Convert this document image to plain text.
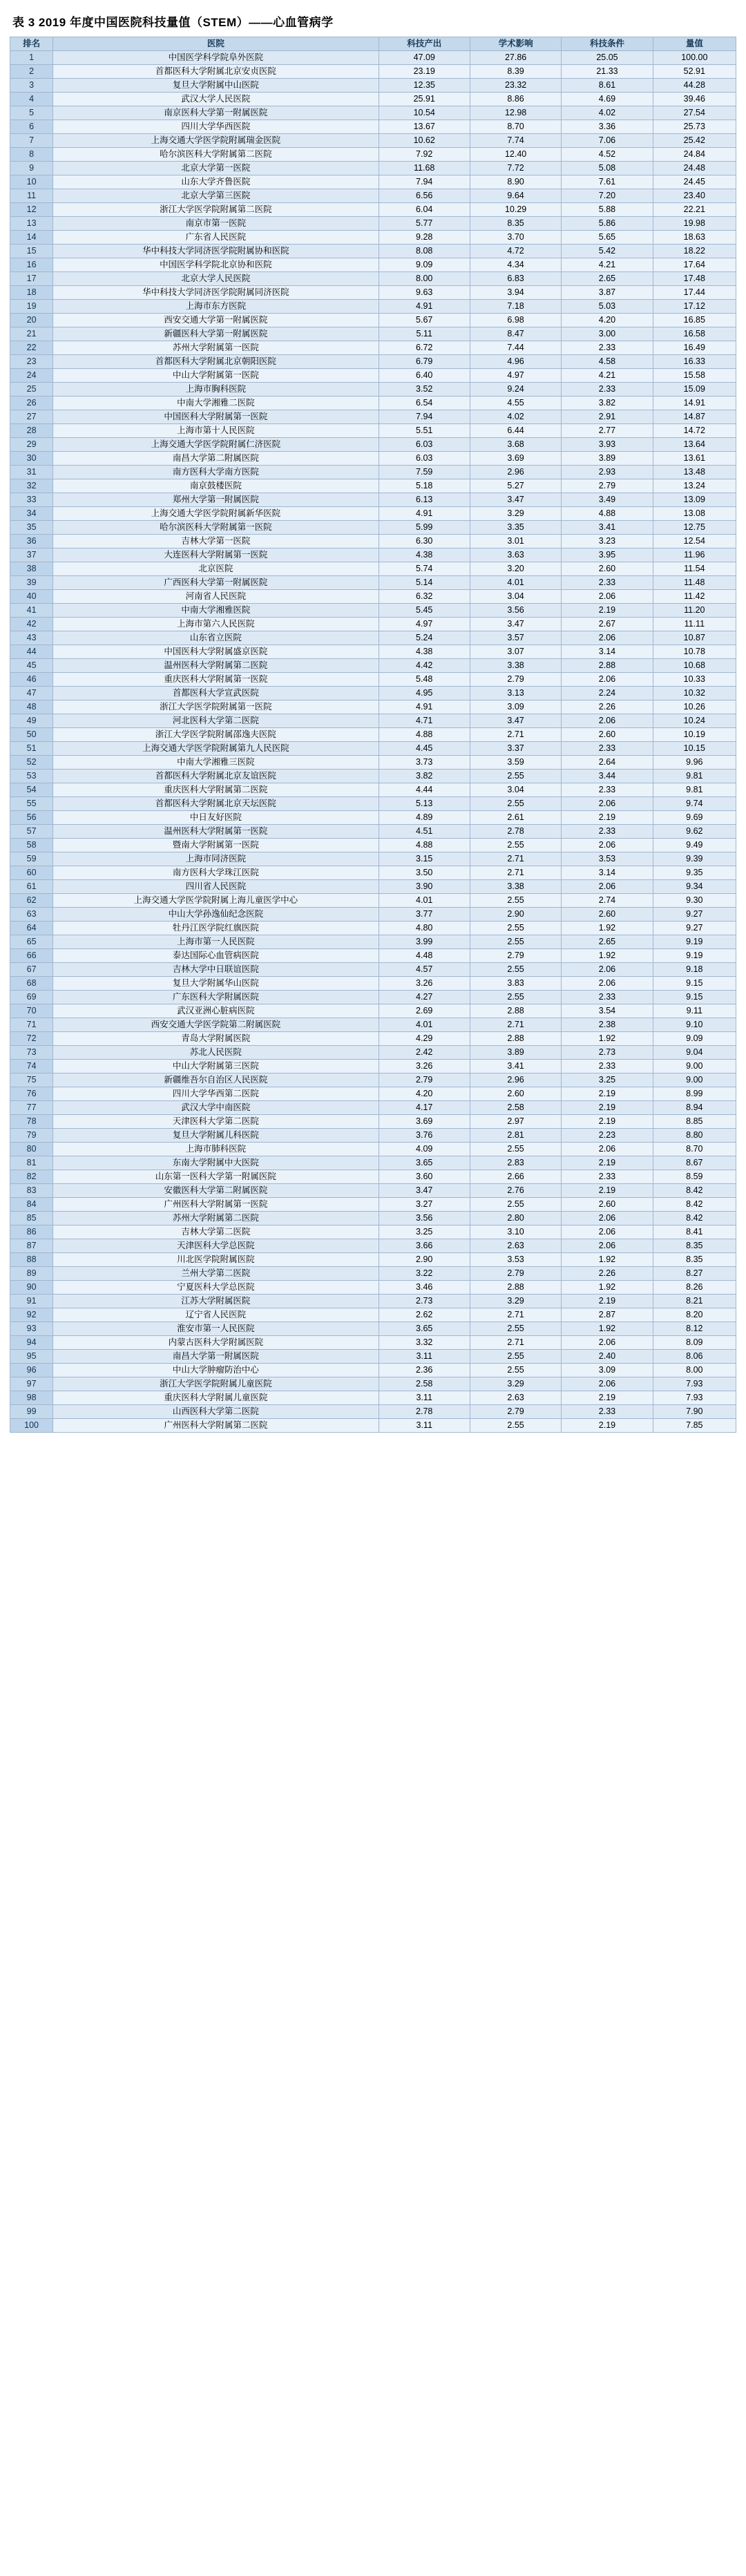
表 3 2019 年度中国医院科技量值（STEM）——心血管病学
排名	医院	科技产出	学术影响	科技条件	量值
1	中国医学科学院阜外医院	47.09	27.86	25.05	100.00
2	首都医科大学附属北京安贞医院	23.19	8.39	21.33	52.91
3	复旦大学附属中山医院	12.35	23.32	8.61	44.28
4	武汉大学人民医院	25.91	8.86	4.69	39.46
5	南京医科大学第一附属医院	10.54	12.98	4.02	27.54
6	四川大学华西医院	13.67	8.70	3.36	25.73
7	上海交通大学医学院附属瑞金医院	10.62	7.74	7.06	25.42
8	哈尔滨医科大学附属第二医院	7.92	12.40	4.52	24.84
9	北京大学第一医院	11.68	7.72	5.08	24.48
10	山东大学齐鲁医院	7.94	8.90	7.61	24.45
11	北京大学第三医院	6.56	9.64	7.20	23.40
12	浙江大学医学院附属第二医院	6.04	10.29	5.88	22.21
13	南京市第一医院	5.77	8.35	5.86	19.98
14	广东省人民医院	9.28	3.70	5.65	18.63
15	华中科技大学同济医学院附属协和医院	8.08	4.72	5.42	18.22
16	中国医学科学院北京协和医院	9.09	4.34	4.21	17.64
17	北京大学人民医院	8.00	6.83	2.65	17.48
18	华中科技大学同济医学院附属同济医院	9.63	3.94	3.87	17.44
19	上海市东方医院	4.91	7.18	5.03	17.12
20	西安交通大学第一附属医院	5.67	6.98	4.20	16.85
21	新疆医科大学第一附属医院	5.11	8.47	3.00	16.58
22	苏州大学附属第一医院	6.72	7.44	2.33	16.49
23	首都医科大学附属北京朝阳医院	6.79	4.96	4.58	16.33
24	中山大学附属第一医院	6.40	4.97	4.21	15.58
25	上海市胸科医院	3.52	9.24	2.33	15.09
26	中南大学湘雅二医院	6.54	4.55	3.82	14.91
27	中国医科大学附属第一医院	7.94	4.02	2.91	14.87
28	上海市第十人民医院	5.51	6.44	2.77	14.72
29	上海交通大学医学院附属仁济医院	6.03	3.68	3.93	13.64
30	南昌大学第二附属医院	6.03	3.69	3.89	13.61
31	南方医科大学南方医院	7.59	2.96	2.93	13.48
32	南京鼓楼医院	5.18	5.27	2.79	13.24
33	郑州大学第一附属医院	6.13	3.47	3.49	13.09
34	上海交通大学医学院附属新华医院	4.91	3.29	4.88	13.08
35	哈尔滨医科大学附属第一医院	5.99	3.35	3.41	12.75
36	吉林大学第一医院	6.30	3.01	3.23	12.54
37	大连医科大学附属第一医院	4.38	3.63	3.95	11.96
38	北京医院	5.74	3.20	2.60	11.54
39	广西医科大学第一附属医院	5.14	4.01	2.33	11.48
40	河南省人民医院	6.32	3.04	2.06	11.42
41	中南大学湘雅医院	5.45	3.56	2.19	11.20
42	上海市第六人民医院	4.97	3.47	2.67	11.11
43	山东省立医院	5.24	3.57	2.06	10.87
44	中国医科大学附属盛京医院	4.38	3.07	3.14	10.78
45	温州医科大学附属第二医院	4.42	3.38	2.88	10.68
46	重庆医科大学附属第一医院	5.48	2.79	2.06	10.33
47	首都医科大学宣武医院	4.95	3.13	2.24	10.32
48	浙江大学医学院附属第一医院	4.91	3.09	2.26	10.26
49	河北医科大学第二医院	4.71	3.47	2.06	10.24
50	浙江大学医学院附属邵逸夫医院	4.88	2.71	2.60	10.19
51	上海交通大学医学院附属第九人民医院	4.45	3.37	2.33	10.15
52	中南大学湘雅三医院	3.73	3.59	2.64	9.96
53	首都医科大学附属北京友谊医院	3.82	2.55	3.44	9.81
54	重庆医科大学附属第二医院	4.44	3.04	2.33	9.81
55	首都医科大学附属北京天坛医院	5.13	2.55	2.06	9.74
56	中日友好医院	4.89	2.61	2.19	9.69
57	温州医科大学附属第一医院	4.51	2.78	2.33	9.62
58	暨南大学附属第一医院	4.88	2.55	2.06	9.49
59	上海市同济医院	3.15	2.71	3.53	9.39
60	南方医科大学珠江医院	3.50	2.71	3.14	9.35
61	四川省人民医院	3.90	3.38	2.06	9.34
62	上海交通大学医学院附属上海儿童医学中心	4.01	2.55	2.74	9.30
63	中山大学孙逸仙纪念医院	3.77	2.90	2.60	9.27
64	牡丹江医学院红旗医院	4.80	2.55	1.92	9.27
65	上海市第一人民医院	3.99	2.55	2.65	9.19
66	泰达国际心血管病医院	4.48	2.79	1.92	9.19
67	吉林大学中日联谊医院	4.57	2.55	2.06	9.18
68	复旦大学附属华山医院	3.26	3.83	2.06	9.15
69	广东医科大学附属医院	4.27	2.55	2.33	9.15
70	武汉亚洲心脏病医院	2.69	2.88	3.54	9.11
71	西安交通大学医学院第二附属医院	4.01	2.71	2.38	9.10
72	青岛大学附属医院	4.29	2.88	1.92	9.09
73	苏北人民医院	2.42	3.89	2.73	9.04
74	中山大学附属第三医院	3.26	3.41	2.33	9.00
75	新疆维吾尔自治区人民医院	2.79	2.96	3.25	9.00
76	四川大学华西第二医院	4.20	2.60	2.19	8.99
77	武汉大学中南医院	4.17	2.58	2.19	8.94
78	天津医科大学第二医院	3.69	2.97	2.19	8.85
79	复旦大学附属儿科医院	3.76	2.81	2.23	8.80
80	上海市肺科医院	4.09	2.55	2.06	8.70
81	东南大学附属中大医院	3.65	2.83	2.19	8.67
82	山东第一医科大学第一附属医院	3.60	2.66	2.33	8.59
83	安徽医科大学第二附属医院	3.47	2.76	2.19	8.42
84	广州医科大学附属第一医院	3.27	2.55	2.60	8.42
85	苏州大学附属第二医院	3.56	2.80	2.06	8.42
86	吉林大学第二医院	3.25	3.10	2.06	8.41
87	天津医科大学总医院	3.66	2.63	2.06	8.35
88	川北医学院附属医院	2.90	3.53	1.92	8.35
89	兰州大学第二医院	3.22	2.79	2.26	8.27
90	宁夏医科大学总医院	3.46	2.88	1.92	8.26
91	江苏大学附属医院	2.73	3.29	2.19	8.21
92	辽宁省人民医院	2.62	2.71	2.87	8.20
93	淮安市第一人民医院	3.65	2.55	1.92	8.12
94	内蒙古医科大学附属医院	3.32	2.71	2.06	8.09
95	南昌大学第一附属医院	3.11	2.55	2.40	8.06
96	中山大学肿瘤防治中心	2.36	2.55	3.09	8.00
97	浙江大学医学院附属儿童医院	2.58	3.29	2.06	7.93
98	重庆医科大学附属儿童医院	3.11	2.63	2.19	7.93
99	山西医科大学第二医院	2.78	2.79	2.33	7.90
100	广州医科大学附属第二医院	3.11	2.55	2.19	7.85
